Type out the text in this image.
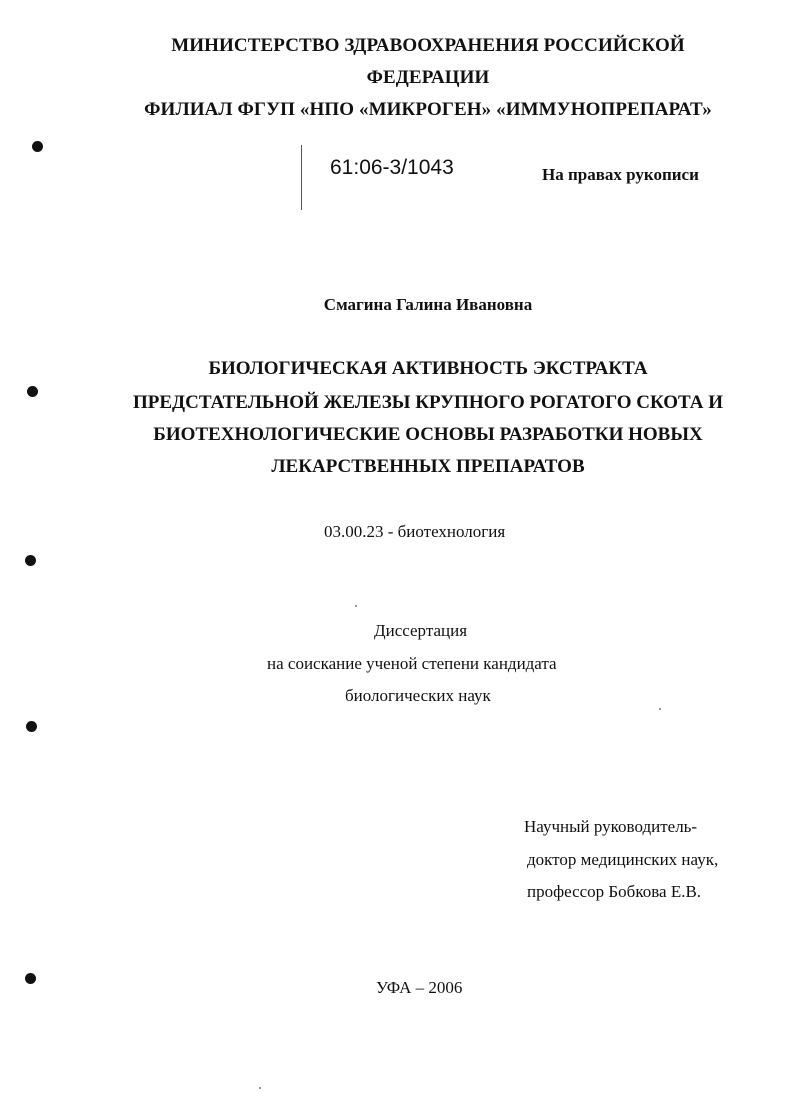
МИНИСТЕРСТВО ЗДРАВООХРАНЕНИЯ РОССИЙСКОЙ
ФЕДЕРАЦИИ
ФИЛИАЛ ФГУП «НПО «МИКРОГЕН» «ИММУНОПРЕПАРАТ»
61:06-3/1043	На правах рукописи
Смагина Галина Ивановна
БИОЛОГИЧЕСКАЯ АКТИВНОСТЬ ЭКСТРАКТА
ПРЕДСТАТЕЛЬНОЙ ЖЕЛЕЗЫ КРУПНОГО РОГАТОГО СКОТА И
БИОТЕХНОЛОГИЧЕСКИЕ ОСНОВЫ РАЗРАБОТКИ НОВЫХ
ЛЕКАРСТВЕННЫХ ПРЕПАРАТОВ
03.00.23 - биотехнология
Диссертация
на соискание ученой степени кандидата
биологических наук
Научный руководитель-
доктор медицинских наук,
профессор Бобкова Е.В.
УФА – 2006
